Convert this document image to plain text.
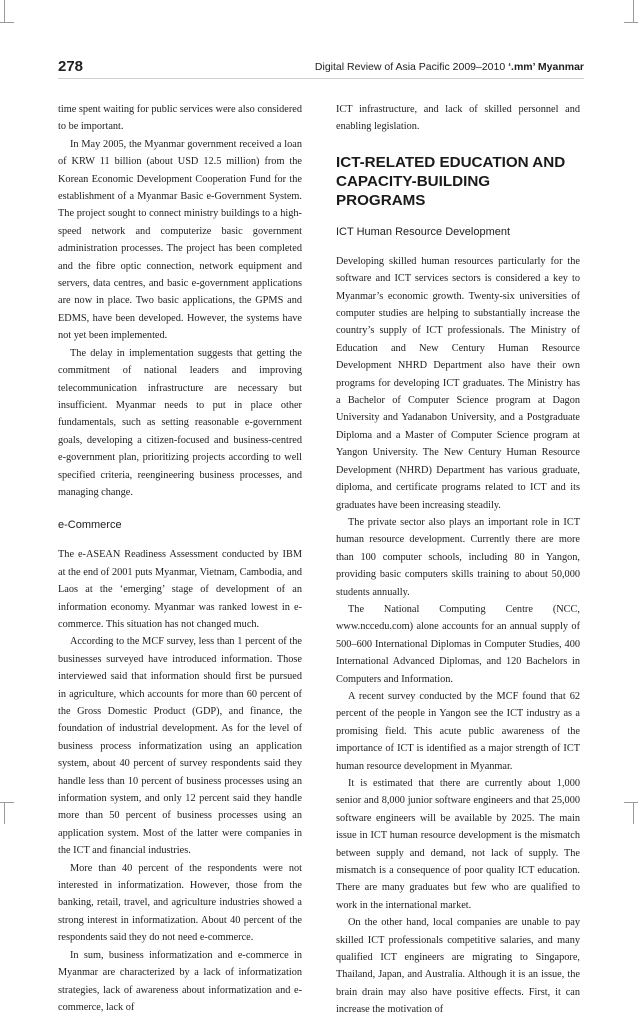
278	Digital Review of Asia Pacific 2009–2010 ‘.mm’ Myanmar

time spent waiting for public services were also considered to be important.

In May 2005, the Myanmar government received a loan of KRW 11 billion (about USD 12.5 million) from the Korean Economic Development Cooperation Fund for the establishment of a Myanmar Basic e-Government System. The project sought to connect ministry buildings to a high-speed network and computerize basic government administration processes. The project has been completed and the fibre optic connection, network equipment and servers, data centres, and basic e-government applications are now in place. Two basic applications, the GPMS and EDMS, have been developed. However, the systems have not yet been implemented.

The delay in implementation suggests that getting the commitment of national leaders and improving telecommunication infrastructure are necessary but insufficient. Myanmar needs to put in place other fundamentals, such as setting reasonable e-government goals, developing a citizen-focused and business-centred e-government plan, prioritizing projects according to well specified criteria, reengineering business processes, and managing change.

e-Commerce

The e-ASEAN Readiness Assessment conducted by IBM at the end of 2001 puts Myanmar, Vietnam, Cambodia, and Laos at the ‘emerging’ stage of development of an information economy. Myanmar was ranked lowest in e-commerce. This situation has not changed much.

According to the MCF survey, less than 1 percent of the businesses surveyed have introduced information. Those interviewed said that information should first be pursued in agriculture, which accounts for more than 60 percent of the Gross Domestic Product (GDP), and finance, the foundation of industrial development. As for the level of business process informatization using an application system, about 40 percent of survey respondents said they handle less than 10 percent of business processes using an information system, and only 12 percent said they handle more than 50 percent of business processes using an application system. Most of the latter were companies in the ICT and financial industries.

More than 40 percent of the respondents were not interested in informatization. However, those from the banking, retail, travel, and agriculture industries showed a strong interest in informatization. About 40 percent of the respondents said they do not need e-commerce.

In sum, business informatization and e-commerce in Myanmar are characterized by a lack of informatization strategies, lack of awareness about informatization and e-commerce, lack of

ICT infrastructure, and lack of skilled personnel and enabling legislation.

ICT-RELATED EDUCATION AND CAPACITY-BUILDING PROGRAMS
ICT Human Resource Development

Developing skilled human resources particularly for the software and ICT services sectors is considered a key to Myanmar’s economic growth. Twenty-six universities of computer studies are helping to substantially increase the country’s supply of ICT professionals. The Ministry of Education and New Century Human Resource Development NHRD Department also have their own programs for developing ICT graduates. The Ministry has a Bachelor of Computer Science program at Dagon University and Yadanabon University, and a Postgraduate Diploma and a Master of Computer Science program at Yangon University. The New Century Human Resource Development (NHRD) Department has various graduate, diploma, and certificate programs related to ICT and its graduates have been increasing steadily.

The private sector also plays an important role in ICT human resource development. Currently there are more than 100 computer schools, including 80 in Yangon, providing basic computers skills training to about 50,000 students annually.

The National Computing Centre (NCC, www.nccedu.com) alone accounts for an annual supply of 500–600 International Diplomas in Computer Studies, 400 International Advanced Diplomas, and 120 Bachelors in Computers and Information.

A recent survey conducted by the MCF found that 62 percent of the people in Yangon see the ICT industry as a promising field. This acute public awareness of the importance of ICT is identified as a major strength of ICT human resource development in Myanmar.

It is estimated that there are currently about 1,000 senior and 8,000 junior software engineers and that 25,000 software engineers will be available by 2025. The main issue in ICT human resource development is the mismatch between supply and demand, not lack of supply. The mismatch is a consequence of poor quality ICT education. There are many graduates but few who are qualified to work in the international market.

On the other hand, local companies are unable to pay skilled ICT professionals competitive salaries, and many qualified ICT engineers are migrating to Singapore, Thailand, Japan, and Australia. Although it is an issue, the brain drain may also have positive effects. First, it can increase the motivation of
